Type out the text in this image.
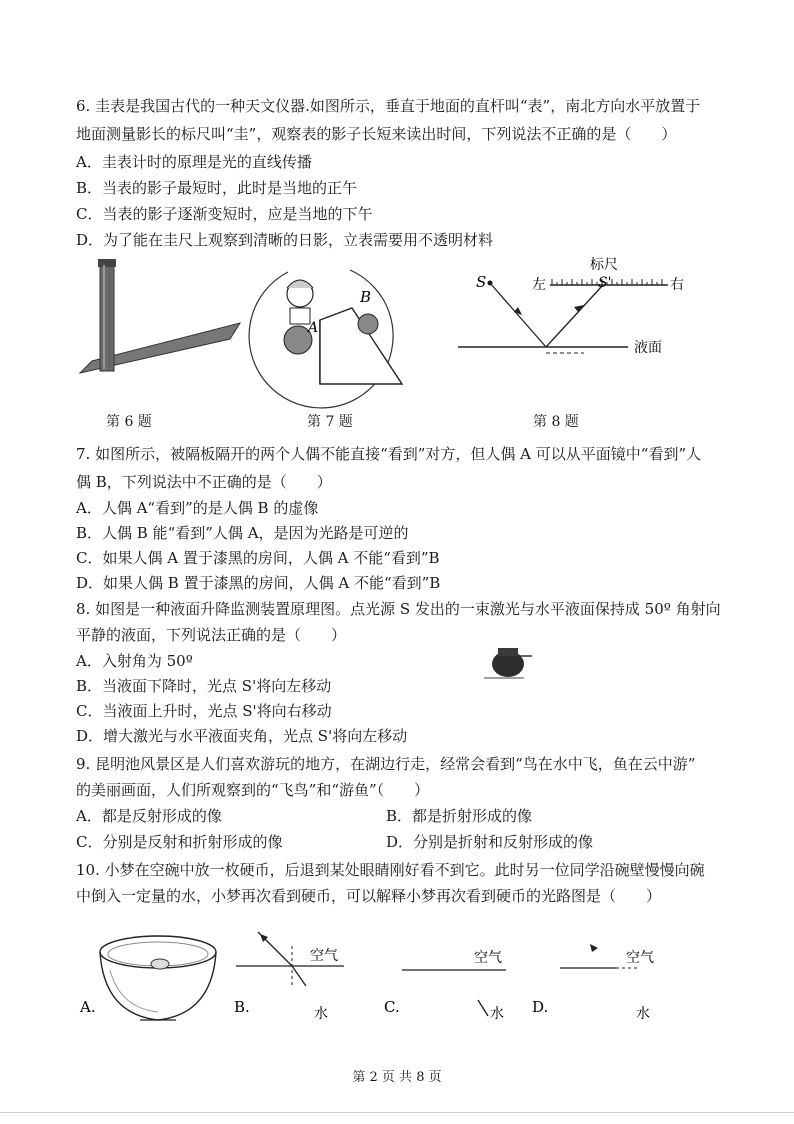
6. 圭表是我国古代的一种天文仪器.如图所示，垂直于地面的直杆叫“表”，南北方向水平放置于
地面测量影长的标尺叫“圭”，观察表的影子长短来读出时间，下列说法不正确的是（　　）
A．圭表计时的原理是光的直线传播
B．当表的影子最短时，此时是当地的正午
C．当表的影子逐渐变短时，应是当地的下午
D．为了能在圭尺上观察到清晰的日影，立表需要用不透明材料
A
B
S	左
标尺
右
S'
液面
第 6 题	第 7 题	第 8 题
7. 如图所示，被隔板隔开的两个人偶不能直接“看到”对方，但人偶 A 可以从平面镜中“看到”人
偶 B，下列说法中不正确的是（　　）
A．人偶 A“看到”的是人偶 B 的虚像
B．人偶 B 能“看到”人偶 A，是因为光路是可逆的
C．如果人偶 A 置于漆黑的房间，人偶 A 不能“看到”B
D．如果人偶 B 置于漆黑的房间，人偶 A 不能“看到”B
8. 如图是一种液面升降监测装置原理图。点光源 S 发出的一束激光与水平液面保持成 50º 角射向
平静的液面，下列说法正确的是（　　）
A．入射角为 50º
B．当液面下降时，光点 S'将向左移动
C．当液面上升时，光点 S'将向右移动
D．增大激光与水平液面夹角，光点 S'将向左移动
9. 昆明池风景区是人们喜欢游玩的地方，在湖边行走，经常会看到“鸟在水中飞，鱼在云中游”
的美丽画面，人们所观察到的“飞鸟”和“游鱼”（　　）
A．都是反射形成的像	B．都是折射形成的像
C．分别是反射和折射形成的像	D．分别是折射和反射形成的像
10. 小梦在空碗中放一枚硬币，后退到某处眼睛刚好看不到它。此时另一位同学沿碗壁慢慢向碗
中倒入一定量的水，小梦再次看到硬币，可以解释小梦再次看到硬币的光路图是（　　）
A.	B.
空气
水	C.
空气
水 D.
空气
水
第 2 页 共 8 页
